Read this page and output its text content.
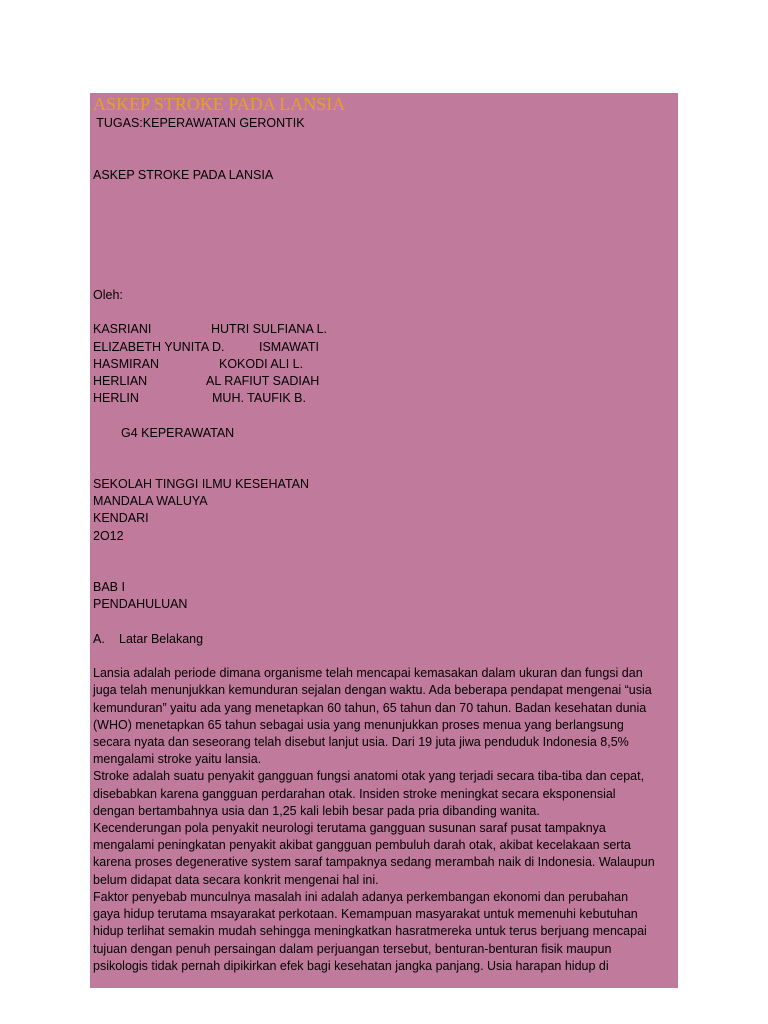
ASKEP STROKE PADA LANSIA
TUGAS:KEPERAWATAN GERONTIK
ASKEP STROKE PADA LANSIA
Oleh:
KASRIANI	HUTRI SULFIANA L.
ELIZABETH YUNITA D.	ISMAWATI
HASMIRAN	KOKODI ALI L.
HERLIAN	AL RAFIUT SADIAH
HERLIN	MUH. TAUFIK B.
G4 KEPERAWATAN
SEKOLAH TINGGI ILMU KESEHATAN
MANDALA WALUYA
KENDARI
2O12
BAB I
PENDAHULUAN
A. Latar Belakang
Lansia adalah periode dimana organisme telah mencapai kemasakan dalam ukuran dan fungsi dan
juga telah menunjukkan kemunduran sejalan dengan waktu. Ada beberapa pendapat mengenai “usia
kemunduran” yaitu ada yang menetapkan 60 tahun, 65 tahun dan 70 tahun. Badan kesehatan dunia
(WHO) menetapkan 65 tahun sebagai usia yang menunjukkan proses menua yang berlangsung
secara nyata dan seseorang telah disebut lanjut usia. Dari 19 juta jiwa penduduk Indonesia 8,5%
mengalami stroke yaitu lansia.
Stroke adalah suatu penyakit gangguan fungsi anatomi otak yang terjadi secara tiba-tiba dan cepat,
disebabkan karena gangguan perdarahan otak. Insiden stroke meningkat secara eksponensial
dengan bertambahnya usia dan 1,25 kali lebih besar pada pria dibanding wanita.
Kecenderungan pola penyakit neurologi terutama gangguan susunan saraf pusat tampaknya
mengalami peningkatan penyakit akibat gangguan pembuluh darah otak, akibat kecelakaan serta
karena proses degenerative system saraf tampaknya sedang merambah naik di Indonesia. Walaupun
belum didapat data secara konkrit mengenai hal ini.
Faktor penyebab munculnya masalah ini adalah adanya perkembangan ekonomi dan perubahan
gaya hidup terutama msayarakat perkotaan. Kemampuan masyarakat untuk memenuhi kebutuhan
hidup terlihat semakin mudah sehingga meningkatkan hasratmereka untuk terus berjuang mencapai
tujuan dengan penuh persaingan dalam perjuangan tersebut, benturan-benturan fisik maupun
psikologis tidak pernah dipikirkan efek bagi kesehatan jangka panjang. Usia harapan hidup di
